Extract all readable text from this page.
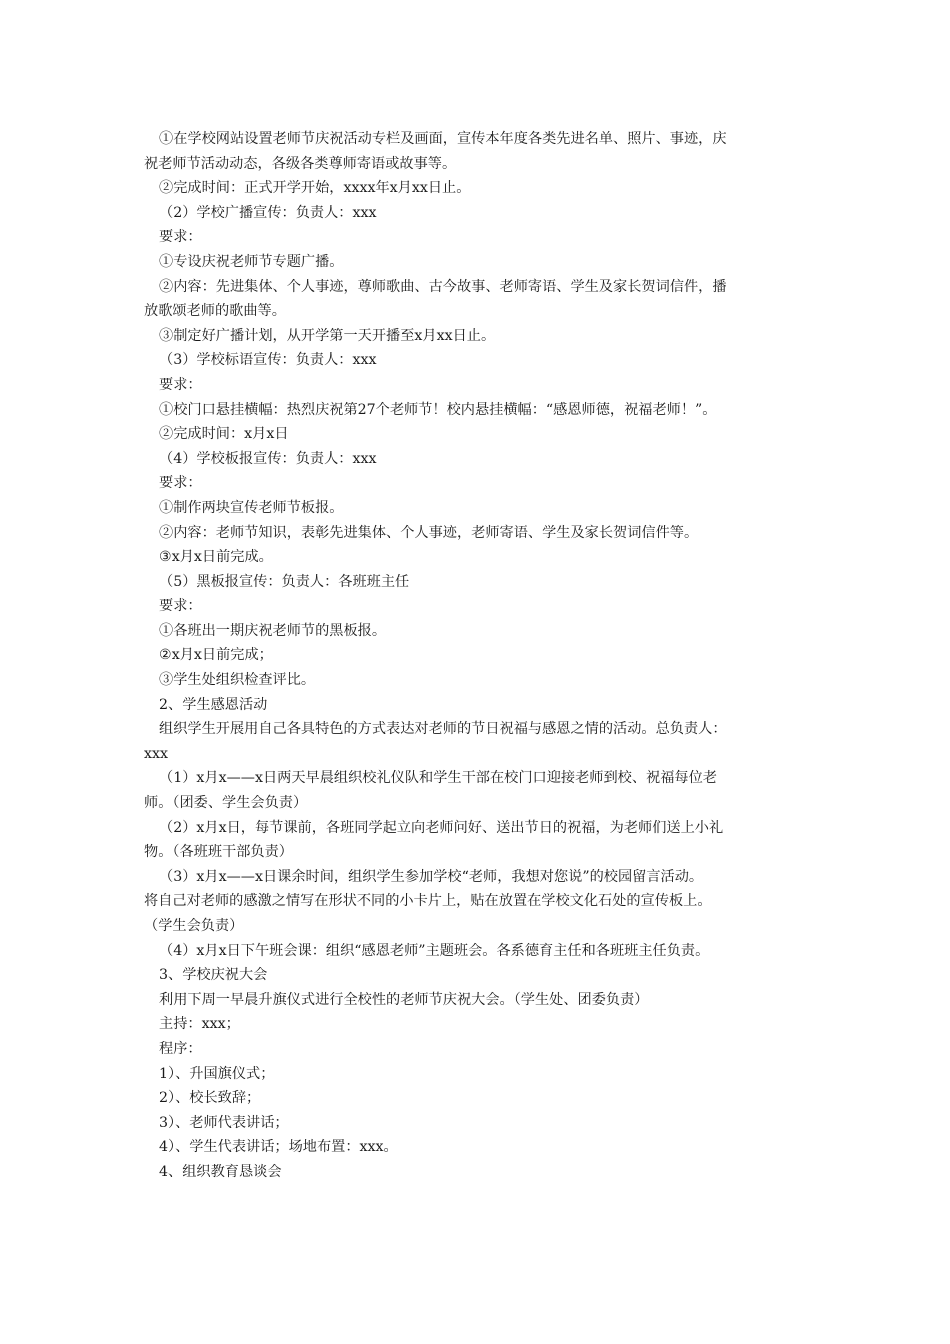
①在学校网站设置老师节庆祝活动专栏及画面，宣传本年度各类先进名单、照片、事迹，庆

祝老师节活动动态，各级各类尊师寄语或故事等。

②完成时间：正式开学开始，xxxx年x月xx日止。

（2）学校广播宣传：负责人：xxx

要求：

①专设庆祝老师节专题广播。

②内容：先进集体、个人事迹，尊师歌曲、古今故事、老师寄语、学生及家长贺词信件，播

放歌颂老师的歌曲等。

③制定好广播计划，从开学第一天开播至x月xx日止。

（3）学校标语宣传：负责人：xxx

要求：

①校门口悬挂横幅：热烈庆祝第27个老师节！校内悬挂横幅：“感恩师德，祝福老师！”。

②完成时间：x月x日

（4）学校板报宣传：负责人：xxx

要求：

①制作两块宣传老师节板报。

②内容：老师节知识，表彰先进集体、个人事迹，老师寄语、学生及家长贺词信件等。

③x月x日前完成。

（5）黑板报宣传：负责人：各班班主任

要求：

①各班出一期庆祝老师节的黑板报。

②x月x日前完成；

③学生处组织检查评比。

2、学生感恩活动

组织学生开展用自己各具特色的方式表达对老师的节日祝福与感恩之情的活动。总负责人：

xxx

（1）x月x——x日两天早晨组织校礼仪队和学生干部在校门口迎接老师到校、祝福每位老

师。（团委、学生会负责）

（2）x月x日，每节课前，各班同学起立向老师问好、送出节日的祝福，为老师们送上小礼

物。（各班班干部负责）

（3）x月x——x日课余时间，组织学生参加学校“老师，我想对您说”的校园留言活动。

将自己对老师的感激之情写在形状不同的小卡片上，贴在放置在学校文化石处的宣传板上。

（学生会负责）

（4）x月x日下午班会课：组织“感恩老师”主题班会。各系德育主任和各班班主任负责。

3、学校庆祝大会

利用下周一早晨升旗仪式进行全校性的老师节庆祝大会。（学生处、团委负责）

主持：xxx；

程序：

1）、升国旗仪式；

2）、校长致辞；

3）、老师代表讲话；

4）、学生代表讲话；场地布置：xxx。

4、组织教育恳谈会
